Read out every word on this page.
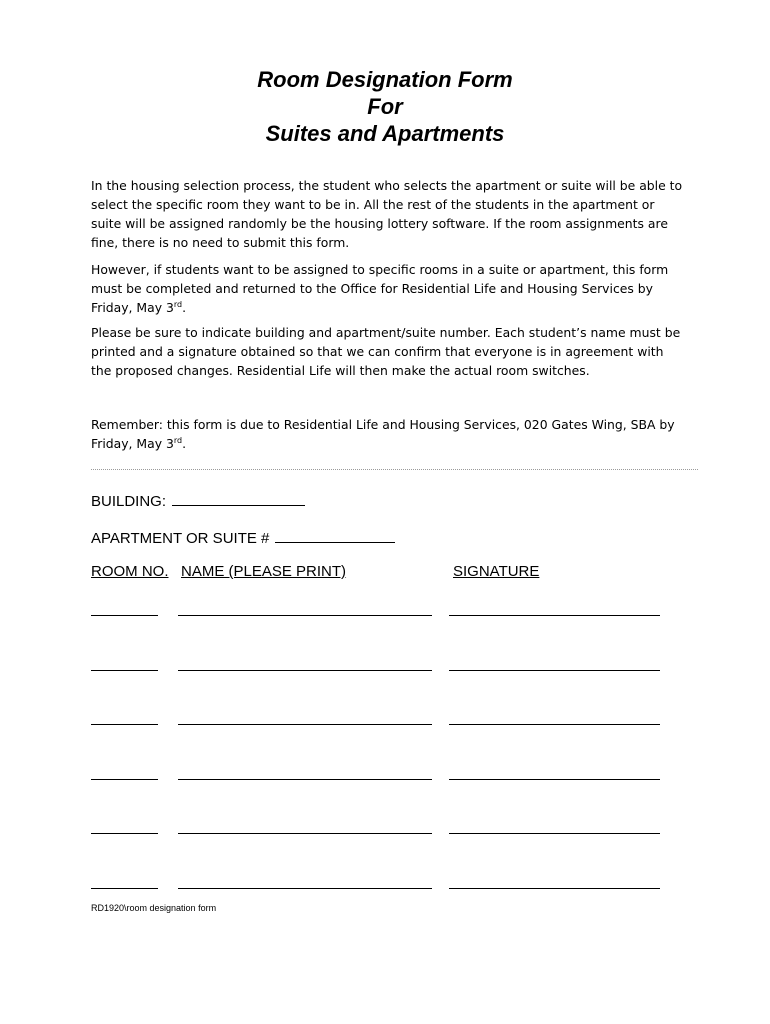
Room Designation Form
For
Suites and Apartments

In the housing selection process, the student who selects the apartment or suite will be able to select the specific room they want to be in. All the rest of the students in the apartment or suite will be assigned randomly be the housing lottery software. If the room assignments are fine, there is no need to submit this form.

However, if students want to be assigned to specific rooms in a suite or apartment, this form must be completed and returned to the Office for Residential Life and Housing Services by Friday, May 3rd.

Please be sure to indicate building and apartment/suite number. Each student’s name must be printed and a signature obtained so that we can confirm that everyone is in agreement with the proposed changes. Residential Life will then make the actual room switches.

Remember: this form is due to Residential Life and Housing Services, 020 Gates Wing, SBA by Friday, May 3rd.

BUILDING:
APARTMENT OR SUITE #
ROOM NO. NAME (PLEASE PRINT)	SIGNATURE
RD1920\room designation form
